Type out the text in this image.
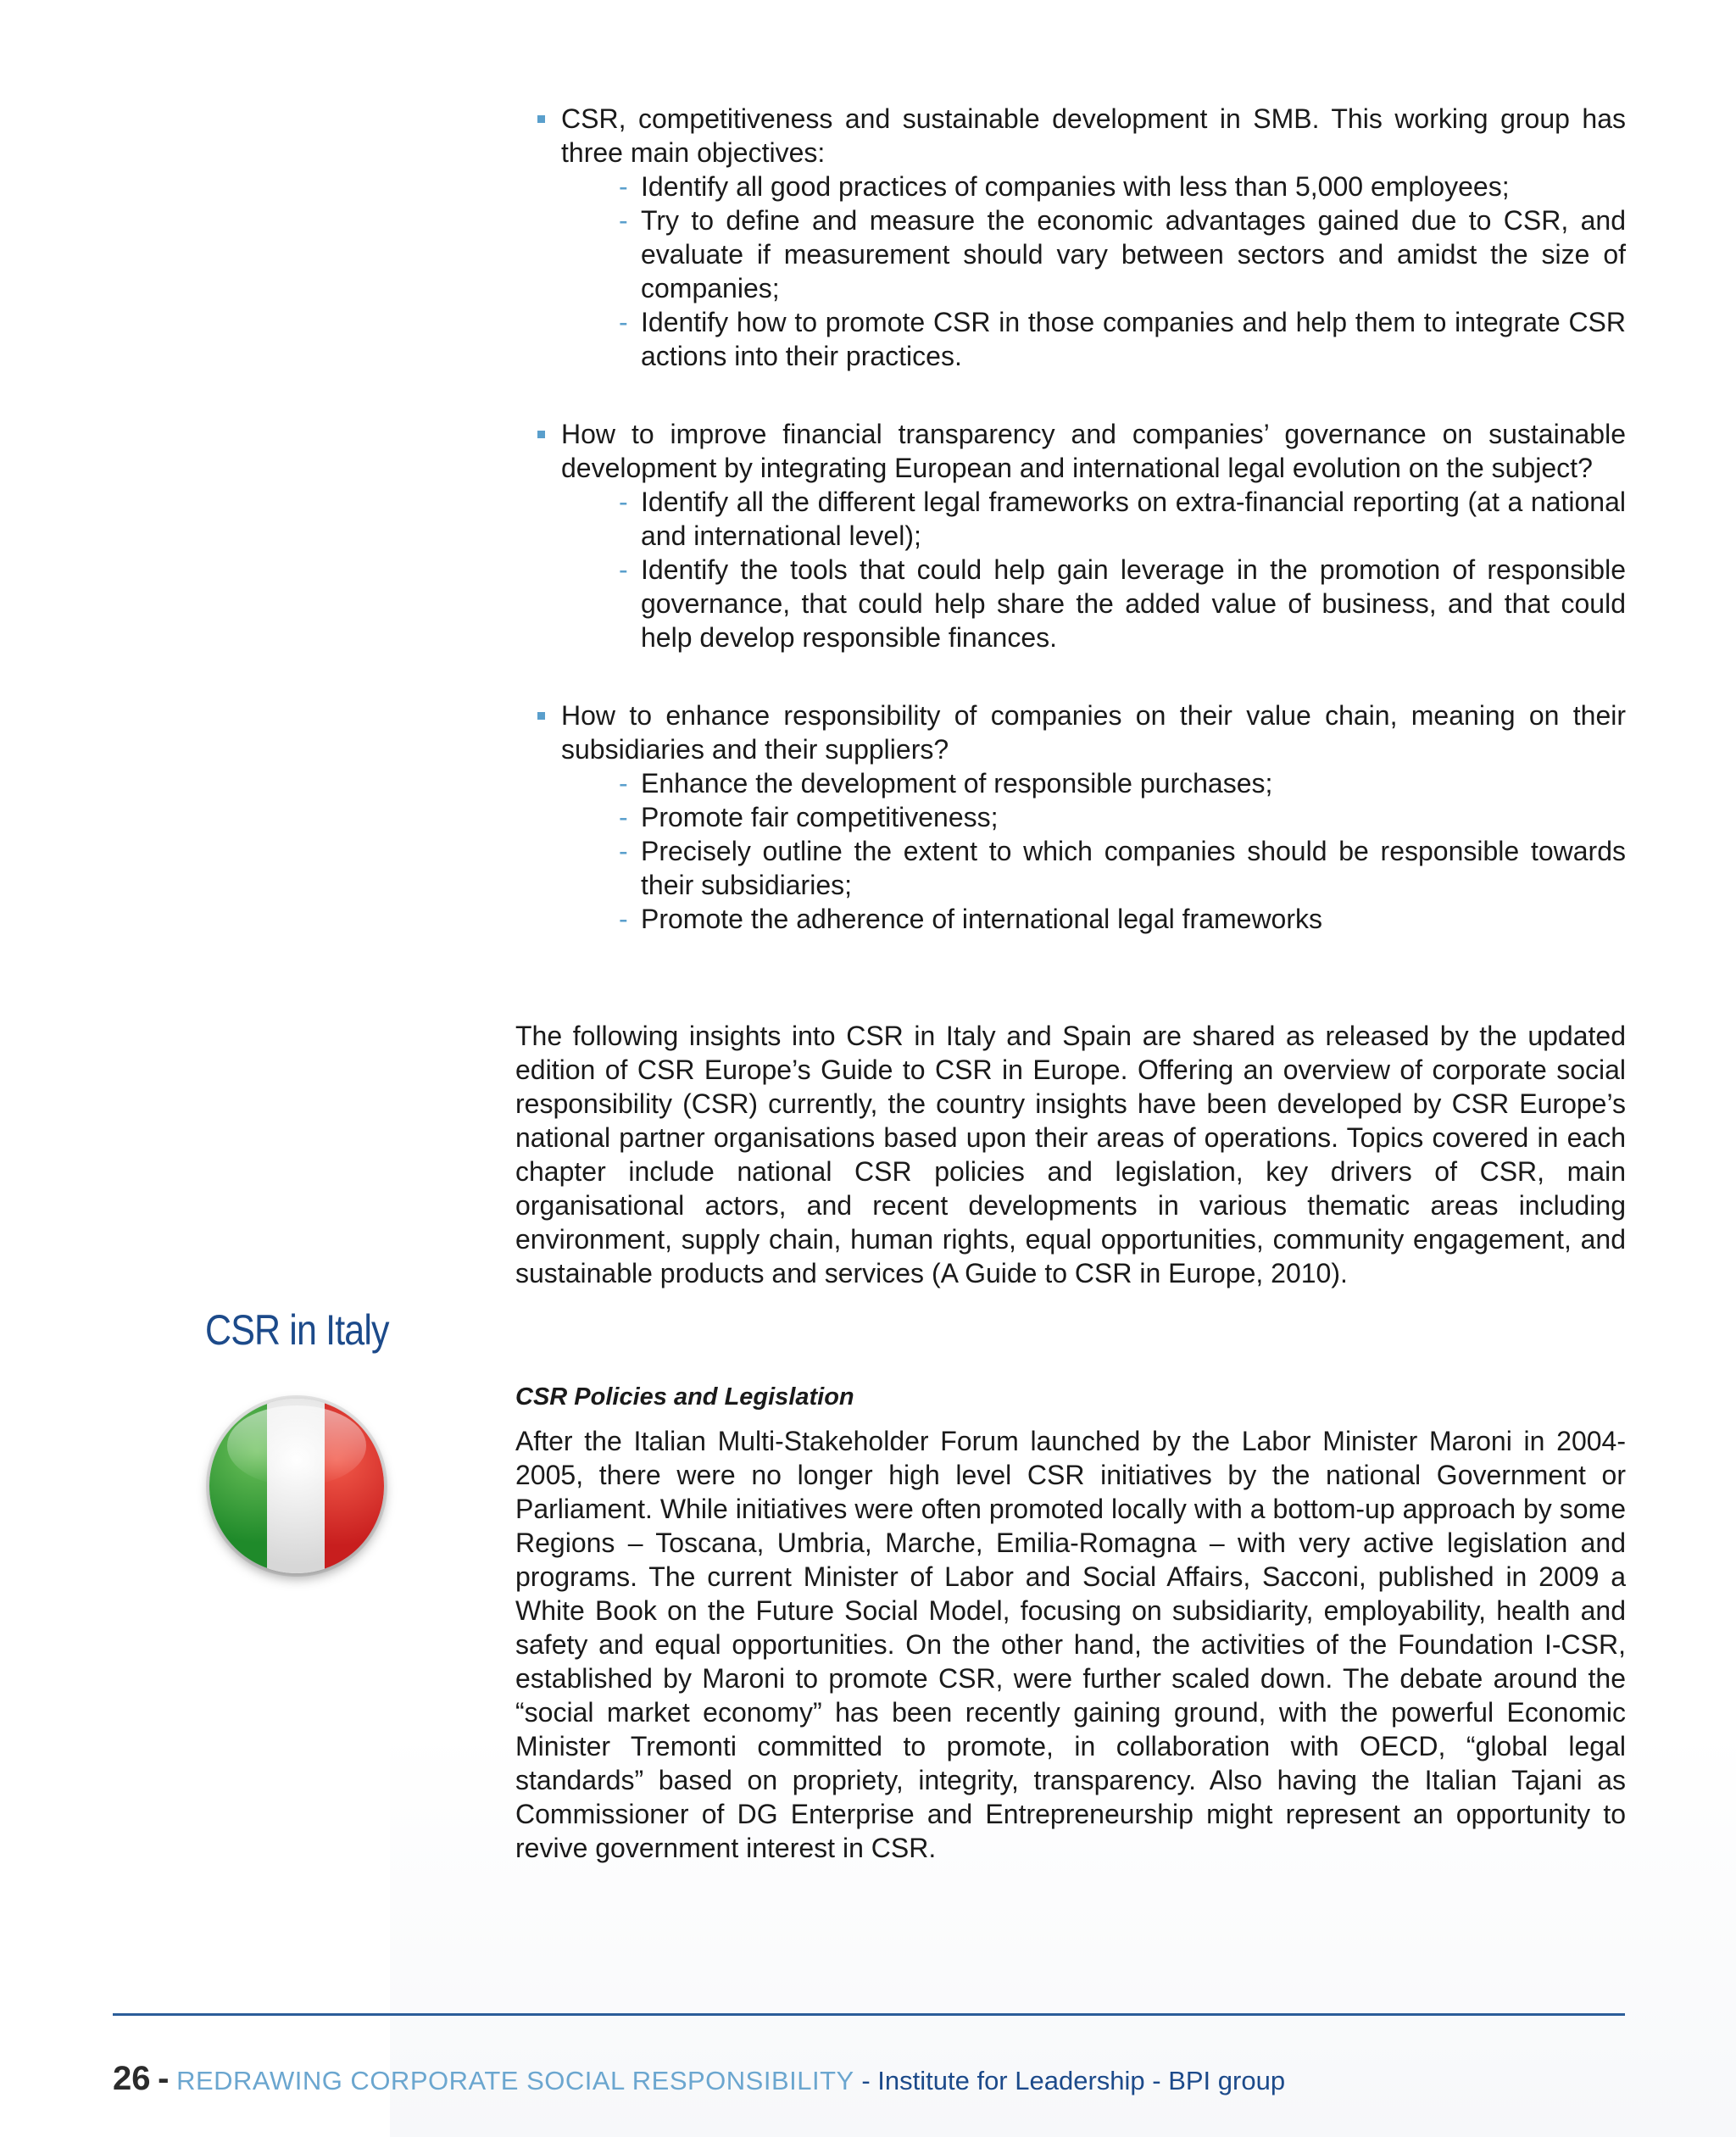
CSR, competitiveness and sustainable development in SMB. This working group has three main objectives:
- Identify all good practices of companies with less than 5,000 employees;
- Try to define and measure the economic advantages gained due to CSR, and evaluate if measurement should vary between sectors and amidst the size of companies;
- Identify how to promote CSR in those companies and help them to integrate CSR actions into their practices.
How to improve financial transparency and companies’ governance on sustainable development by integrating European and international legal evolution on the subject?
- Identify all the different legal frameworks on extra-financial reporting (at a national and international level);
- Identify the tools that could help gain leverage in the promotion of responsible governance, that could help share the added value of business, and that could help develop responsible finances.
How to enhance responsibility of companies on their value chain, meaning on their subsidiaries and their suppliers?
- Enhance the development of responsible purchases;
- Promote fair competitiveness;
- Precisely outline the extent to which companies should be responsible towards their subsidiaries;
- Promote the adherence of international legal frameworks

The following insights into CSR in Italy and Spain are shared as released by the updated edition of CSR Europe’s Guide to CSR in Europe. Offering an overview of corporate social responsibility (CSR) currently, the country insights have been developed by CSR Europe’s national partner organisations based upon their areas of operations. Topics covered in each chapter include national CSR policies and legislation, key drivers of CSR, main organisational actors, and recent developments in various thematic areas including environment, supply chain, human rights, equal opportunities, community engagement, and sustainable products and services (A Guide to CSR in Europe, 2010).

CSR in Italy
CSR Policies and Legislation

After the Italian Multi-Stakeholder Forum launched by the Labor Minister Maroni in 2004-2005, there were no longer high level CSR initiatives by the national Government or Parliament. While initiatives were often promoted locally with a bottom-up approach by some Regions – Toscana, Umbria, Marche, Emilia-Romagna – with very active legislation and programs. The current Minister of Labor and Social Affairs, Sacconi, published in 2009 a White Book on the Future Social Model, focusing on subsidiarity, employability, health and safety and equal opportunities. On the other hand, the activities of the Foundation I-CSR, established by Maroni to promote CSR, were further scaled down. The debate around the “social market economy” has been recently gaining ground, with the powerful Economic Minister Tremonti committed to promote, in collaboration with OECD, “global legal standards” based on propriety, integrity, transparency. Also having the Italian Tajani as Commissioner of DG Enterprise and Entrepreneurship might represent an opportunity to revive government interest in CSR.

26 - REDRAWING CORPORATE SOCIAL RESPONSIBILITY - Institute for Leadership - BPI group
